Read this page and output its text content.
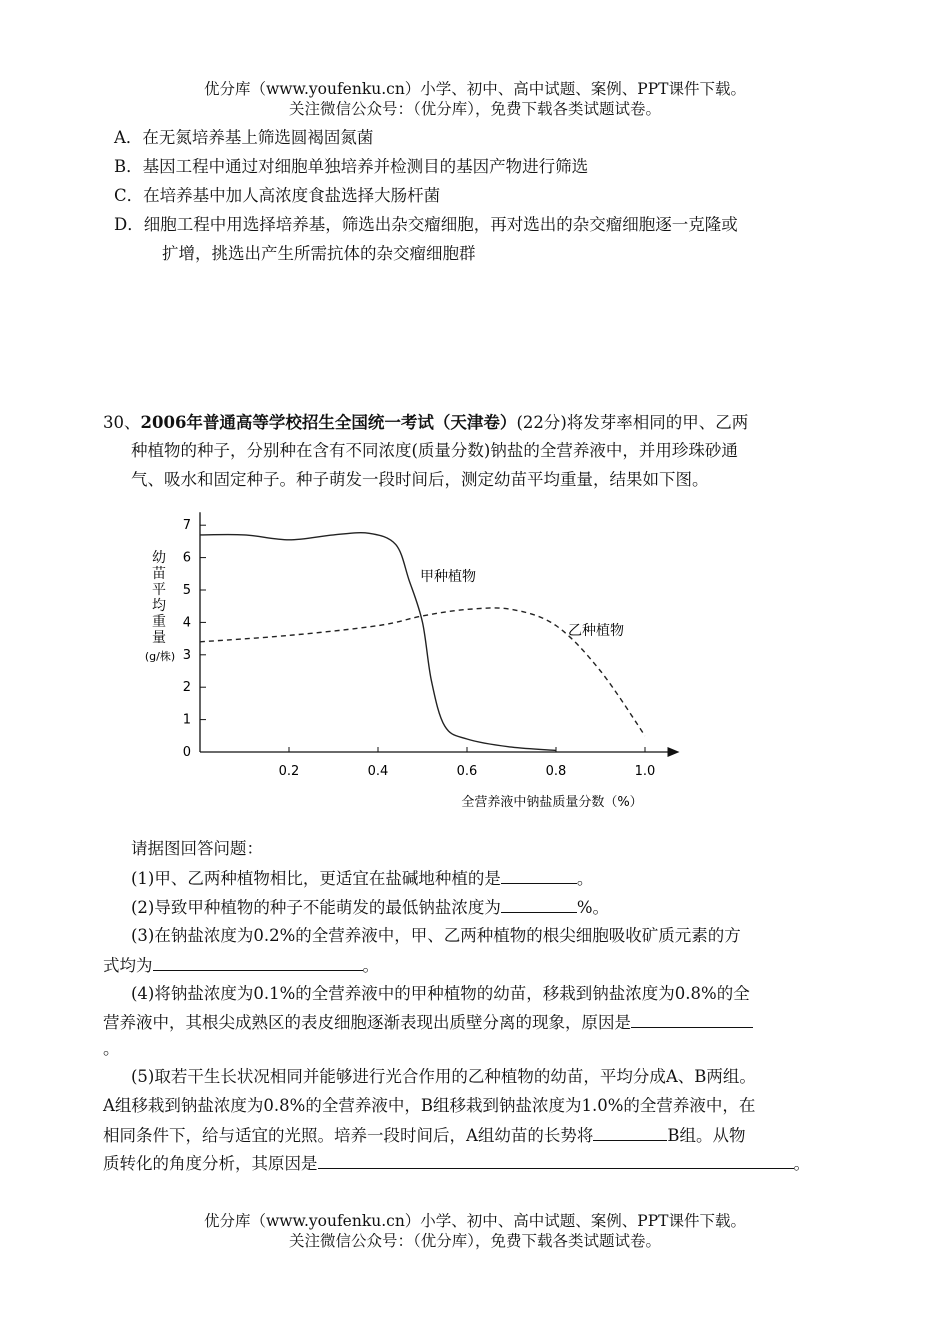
优分库（www.youfenku.cn）小学、初中、高中试题、案例、PPT课件下载。
关注微信公众号：（优分库），免费下载各类试题试卷。
A．在无氮培养基上筛选圆褐固氮菌
B．基因工程中通过对细胞单独培养并检测目的基因产物进行筛选
C．在培养基中加人高浓度食盐选择大肠杆菌
D．细胞工程中用选择培养基，筛选出杂交瘤细胞，再对选出的杂交瘤细胞逐一克隆或
扩增，挑选出产生所需抗体的杂交瘤细胞群
30、2006年普通高等学校招生全国统一考试（天津卷）(22分)将发芽率相同的甲、乙两
种植物的种子，分别种在含有不同浓度(质量分数)钠盐的全营养液中，并用珍珠砂通
气、吸水和固定种子。种子萌发一段时间后，测定幼苗平均重量，结果如下图。
幼
苗
平
均
重
量
(g/株)
全营养液中钠盐质量分数（%）
0.2	0.4	0.6	0.8	1.0
0
1
2
3
4
5
6
7
甲种植物
乙种植物
请据图回答问题：
(1)甲、乙两种植物相比，更适宜在盐碱地种植的是	。
(2)导致甲种植物的种子不能萌发的最低钠盐浓度为	%。
(3)在钠盐浓度为0.2%的全营养液中，甲、乙两种植物的根尖细胞吸收矿质元素的方
式均为	。
(4)将钠盐浓度为0.1%的全营养液中的甲种植物的幼苗，移栽到钠盐浓度为0.8%的全
营养液中，其根尖成熟区的表皮细胞逐渐表现出质壁分离的现象，原因是
。
(5)取若干生长状况相同并能够进行光合作用的乙种植物的幼苗，平均分成A、B两组。
A组移栽到钠盐浓度为0.8%的全营养液中，B组移栽到钠盐浓度为1.0%的全营养液中，在
相同条件下，给与适宜的光照。培养一段时间后，A组幼苗的长势将	B组。从物
质转化的角度分析，其原因是	。
优分库（www.youfenku.cn）小学、初中、高中试题、案例、PPT课件下载。
关注微信公众号：（优分库），免费下载各类试题试卷。
